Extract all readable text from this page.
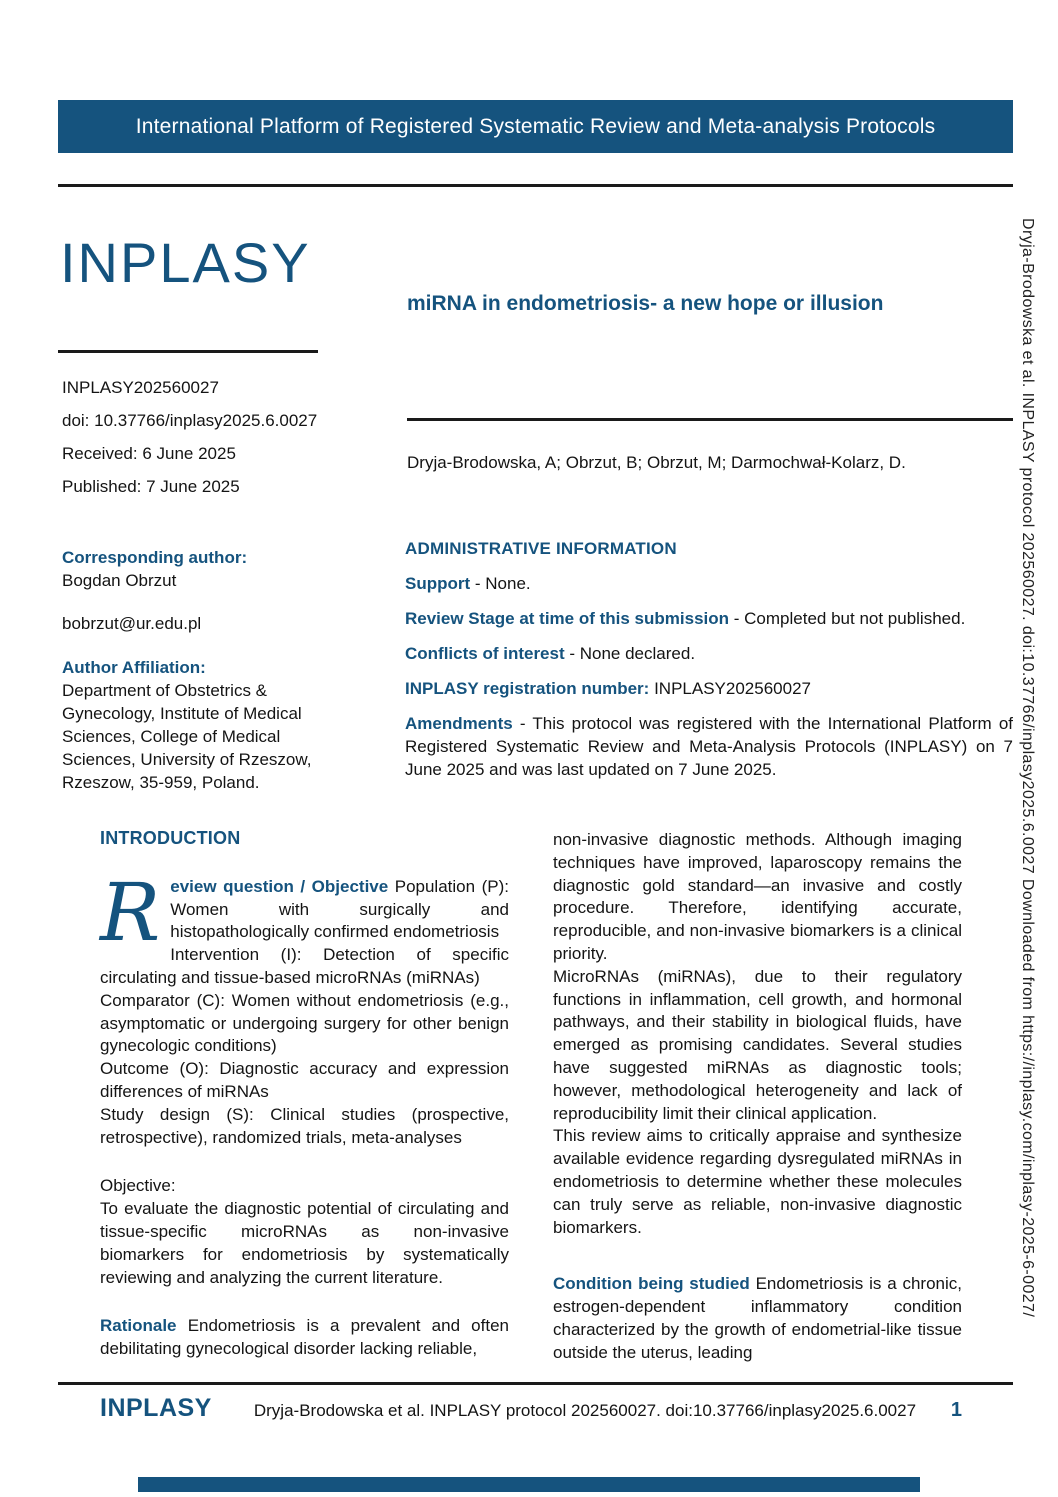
International Platform of Registered Systematic Review and Meta-analysis Protocols
INPLASY
miRNA in endometriosis- a new hope or illusion
Dryja-Brodowska, A; Obrzut, B; Obrzut, M; Darmochwał-Kolarz, D.
INPLASY202560027
doi: 10.37766/inplasy2025.6.0027
Received: 6 June 2025
Published: 7 June 2025
Corresponding author:
Bogdan Obrzut
bobrzut@ur.edu.pl
Author Affiliation:
Department of Obstetrics & Gynecology, Institute of Medical Sciences, College of Medical Sciences, University of Rzeszow, Rzeszow, 35-959, Poland.
ADMINISTRATIVE INFORMATION

Support - None.

Review Stage at time of this submission - Completed but not published.

Conflicts of interest - None declared.

INPLASY registration number: INPLASY202560027

Amendments - This protocol was registered with the International Platform of Registered Systematic Review and Meta-Analysis Protocols (INPLASY) on 7 June 2025 and was last updated on 7 June 2025.

INTRODUCTION

Review question / Objective Population (P): Women with surgically and histopathologically confirmed endometriosis

Intervention (I): Detection of specific circulating and tissue-based microRNAs (miRNAs)

Comparator (C): Women without endometriosis (e.g., asymptomatic or undergoing surgery for other benign gynecologic conditions)

Outcome (O): Diagnostic accuracy and expression differences of miRNAs

Study design (S): Clinical studies (prospective, retrospective), randomized trials, meta-analyses

Objective:

To evaluate the diagnostic potential of circulating and tissue-specific microRNAs as non-invasive biomarkers for endometriosis by systematically reviewing and analyzing the current literature.

Rationale Endometriosis is a prevalent and often debilitating gynecological disorder lacking reliable,

non-invasive diagnostic methods. Although imaging techniques have improved, laparoscopy remains the diagnostic gold standard—an invasive and costly procedure. Therefore, identifying accurate, reproducible, and non-invasive biomarkers is a clinical priority.

MicroRNAs (miRNAs), due to their regulatory functions in inflammation, cell growth, and hormonal pathways, and their stability in biological fluids, have emerged as promising candidates. Several studies have suggested miRNAs as diagnostic tools; however, methodological heterogeneity and lack of reproducibility limit their clinical application.

This review aims to critically appraise and synthesize available evidence regarding dysregulated miRNAs in endometriosis to determine whether these molecules can truly serve as reliable, non-invasive diagnostic biomarkers.

Condition being studied Endometriosis is a chronic, estrogen-dependent inflammatory condition characterized by the growth of endometrial-like tissue outside the uterus, leading

INPLASY Dryja-Brodowska et al. INPLASY protocol 202560027. doi:10.37766/inplasy2025.6.0027	1
Dryja-Brodowska et al. INPLASY protocol 202560027. doi:10.37766/inplasy2025.6.0027 Downloaded from https://inplasy.com/inplasy-2025-6-0027/
